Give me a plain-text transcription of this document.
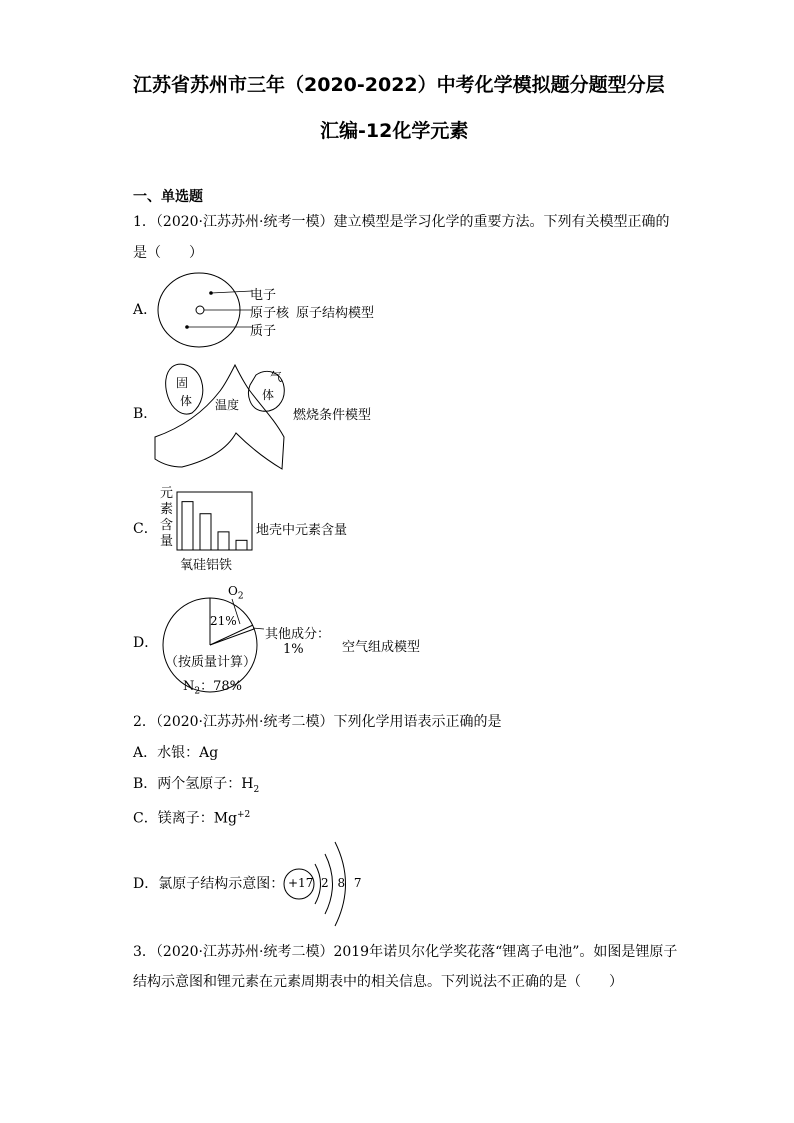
江苏省苏州市三年（2020-2022）中考化学模拟题分题型分层
汇编-12化学元素
一、单选题
1．（2020·江苏苏州·统考一模）建立模型是学习化学的重要方法。下列有关模型正确的
是（　　）
A．
电子
原子核
质子
原子结构模型
B．
固
体 温度
气
体
燃烧条件模型
C．
元
素
含
量
氧硅铝铁
地壳中元素含量
D．
$O_2$
21%
其他成分：
1%
（按质量计算）
$N_2$：78%
空气组成模型
2．（2020·江苏苏州·统考二模）下列化学用语表示正确的是
A．水银：Ag
B．两个氢原子：$H_2$
C．镁离子：$Mg^{+2}$
D．氯原子结构示意图： +17 2 8 7
3．（2020·江苏苏州·统考二模）2019年诺贝尔化学奖花落“锂离子电池”。如图是锂原子
结构示意图和锂元素在元素周期表中的相关信息。下列说法不正确的是（　　）
